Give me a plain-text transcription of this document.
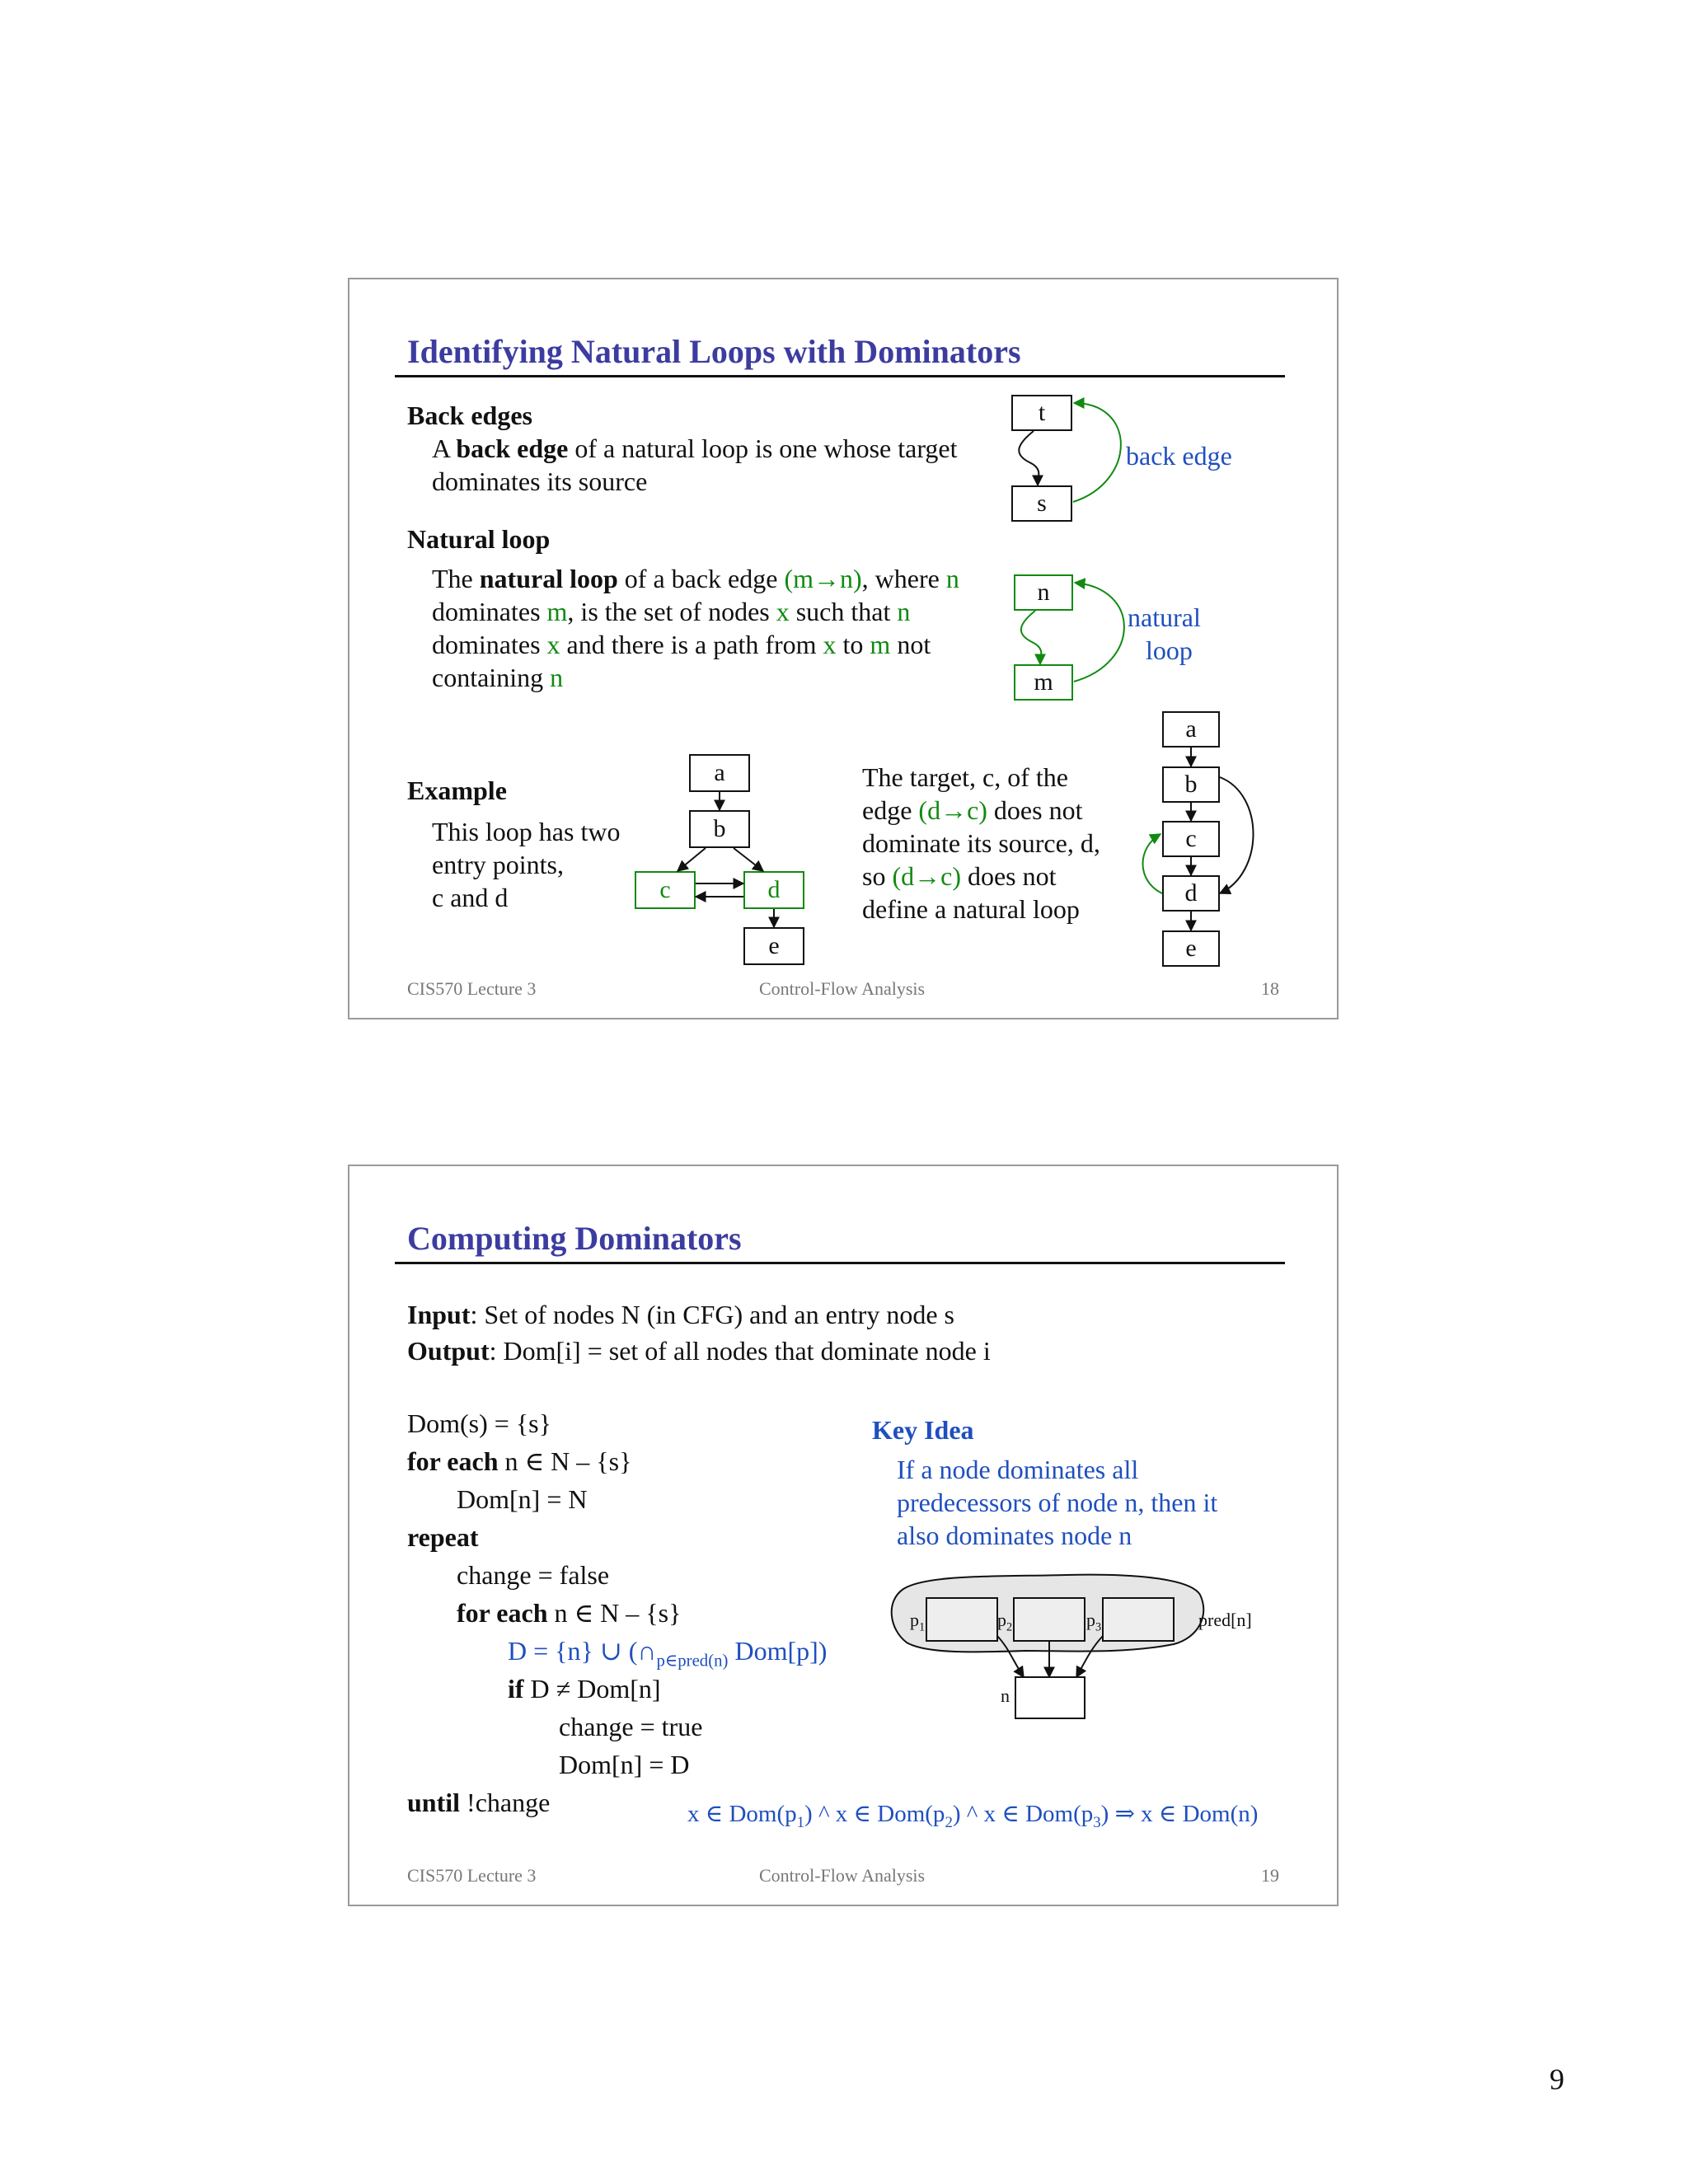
Identifying Natural Loops with Dominators
Back edges
A back edge of a natural loop is one whose target
dominates its source
Natural loop
The natural loop of a back edge (m→n), where n
dominates m, is the set of nodes x such that n
dominates x and there is a path from x to m not
containing n
t
s
back edge
n
m
natural
loop
Example
This loop has two
entry points,
c and d
a
b
c	d
e
The target, c, of the
edge (d→c) does not
dominate its source, d,
so (d→c) does not
define a natural loop
a
b
c
d
e
CIS570 Lecture 3	Control-Flow Analysis	18
Computing Dominators
Input: Set of nodes N (in CFG) and an entry node s
Output: Dom[i] = set of all nodes that dominate node i
Dom(s) = {s}
for each n ∈ N – {s}
Dom[n] = N
repeat
change = false
for each n ∈ N – {s}
D = {n} ∪ ($\cap_{p\in pred(n)}$ Dom[p])
if D ≠ Dom[n]
change = true
Dom[n] = D
until !change
Key Idea
If a node dominates all
predecessors of node n, then it
also dominates node n
$p_1$	$p_2$	$p_3$	pred[n]
n
x ∈ $Dom(p_1)$ ^ x ∈ $Dom(p_2)$ ^ x ∈ $Dom(p_3)$ ⇒ x ∈ Dom(n)
CIS570 Lecture 3	Control-Flow Analysis	19
9
